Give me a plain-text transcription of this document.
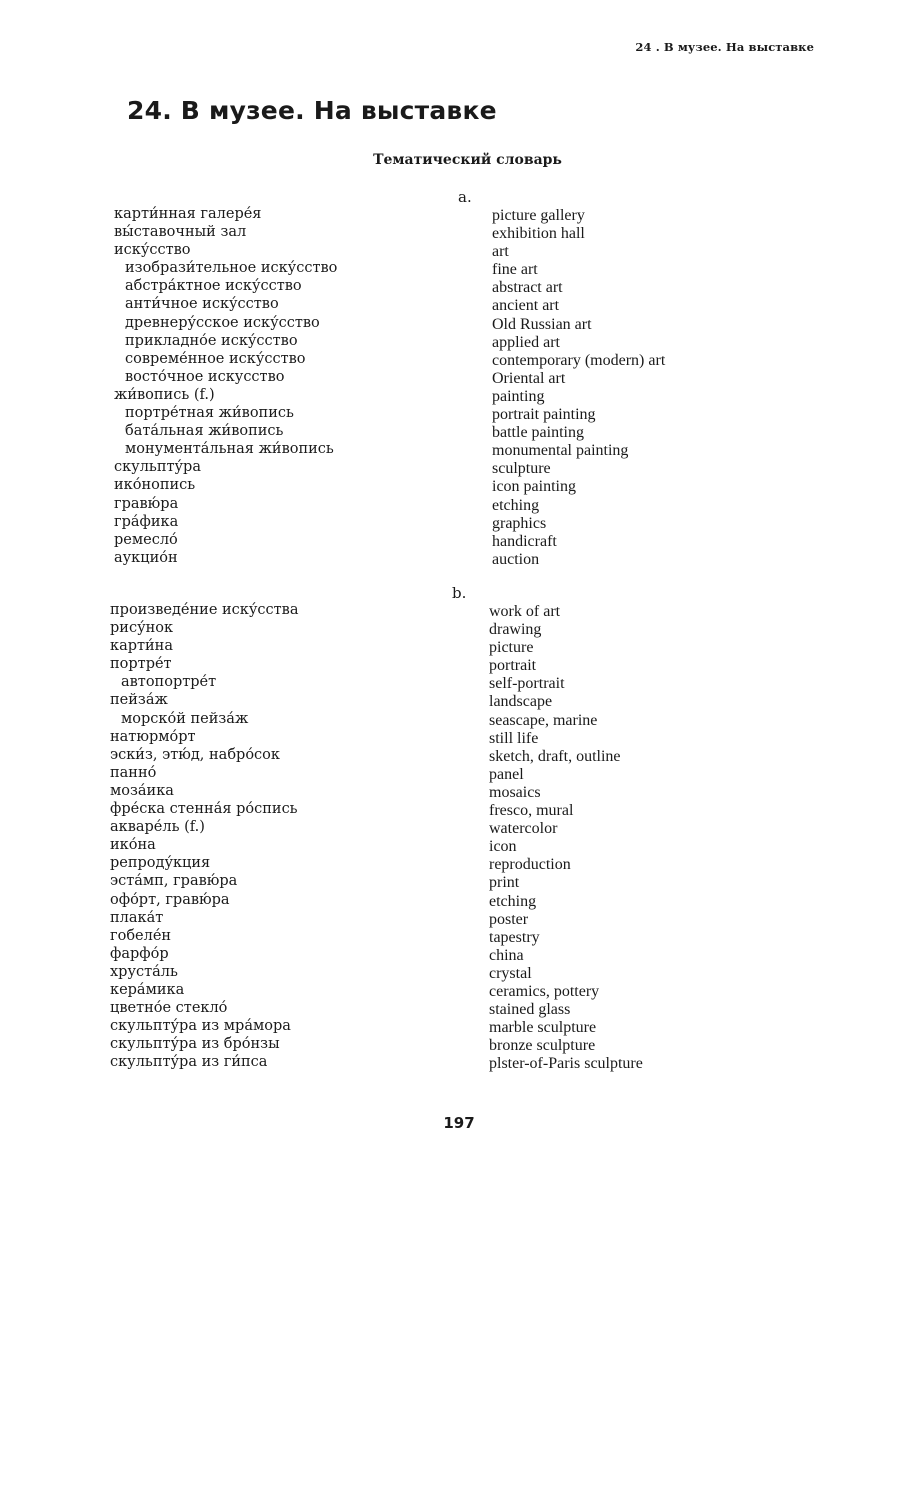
24 . В музее. На выставке
24. В музее. На выставке
Тематический словарь
a.
карти́нная галере́я
вы́ставочный зал
иску́сство
изобрази́тельное иску́сство
абстра́ктное иску́сство
анти́чное иску́сство
древнеру́сское иску́сство
прикладно́е иску́сство
совреме́нное иску́сство
восто́чное искусство
жи́вопись (f.)
портре́тная жи́вопись
бата́льная жи́вопись
монумента́льная жи́вопись
скульпту́ра
ико́нопись
гравю́ра
гра́фика
ремесло́
аукцио́н
picture gallery
exhibition hall
art
fine art
abstract art
ancient art
Old Russian art
applied art
contemporary (modern) art
Oriental art
painting
portrait painting
battle painting
monumental painting
sculpture
icon painting
etching
graphics
handicraft
auction
b.
произведе́ние иску́сства
рису́нок
карти́на
портре́т
автопортре́т
пейза́ж
морско́й пейза́ж
натюрмо́рт
эски́з, этю́д, набро́сок
панно́
моза́ика
фре́ска стенна́я ро́спись
акваре́ль (f.)
ико́на
репроду́кция
эста́мп, гравю́ра
офо́рт, гравю́ра
плака́т
гобеле́н
фарфо́р
хруста́ль
кера́мика
цветно́е стекло́
скульпту́ра из мра́мора
скульпту́ра из бро́нзы
скульпту́ра из ги́пса
work of art
drawing
picture
portrait
self-portrait
landscape
seascape, marine
still life
sketch, draft, outline
panel
mosaics
fresco, mural
watercolor
icon
reproduction
print
etching
poster
tapestry
china
crystal
ceramics, pottery
stained glass
marble sculpture
bronze sculpture
plster-of-Paris sculpture
197
